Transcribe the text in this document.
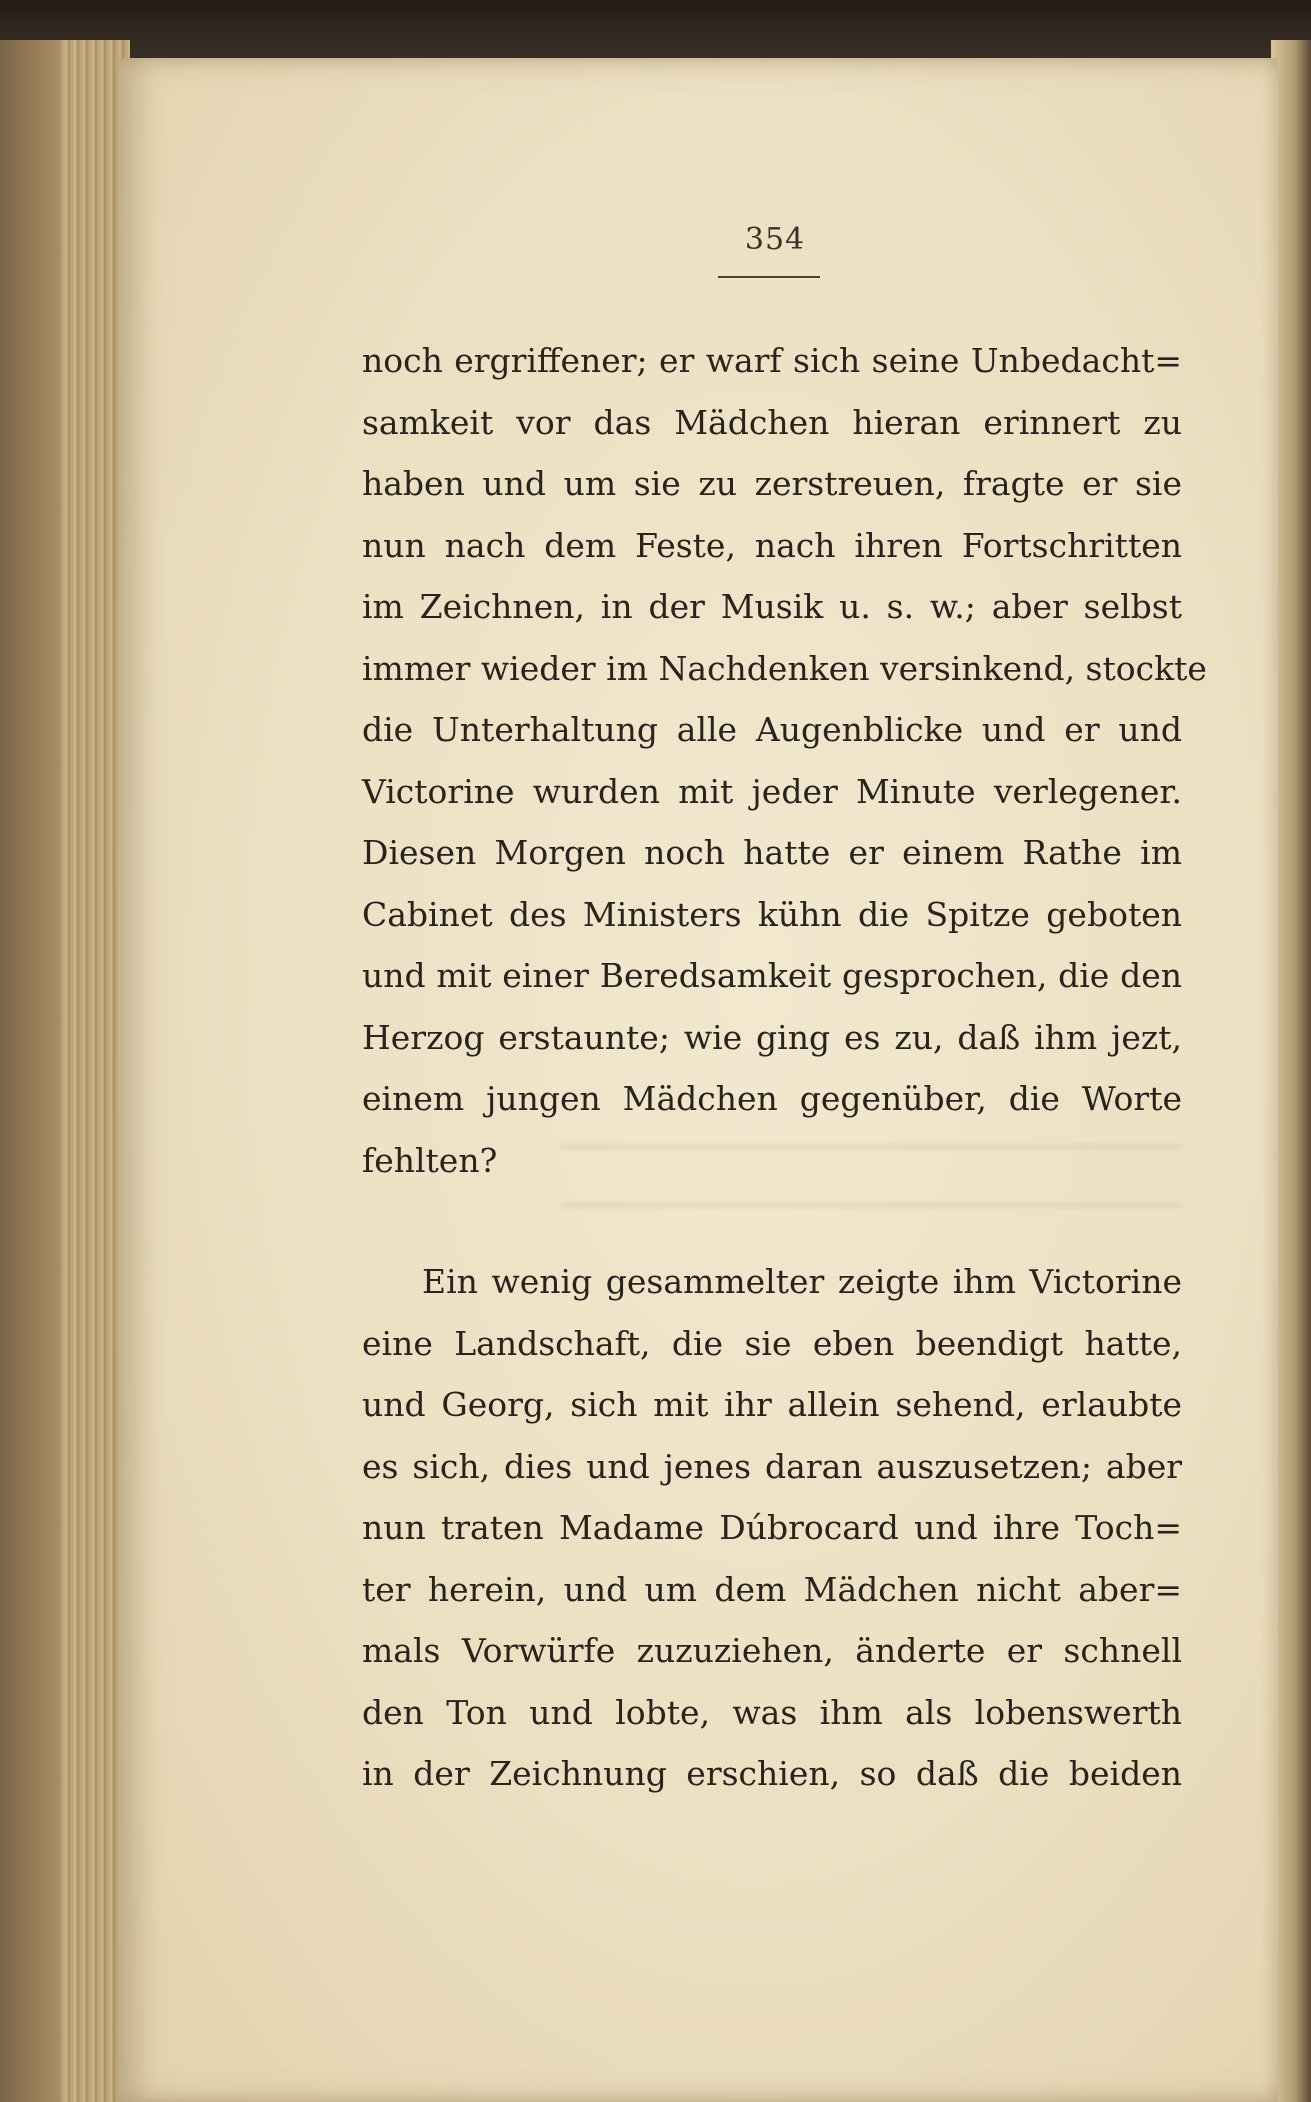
354
noch ergriffener; er warf sich seine Unbedacht=
samkeit vor das Mädchen hieran erinnert zu
haben und um sie zu zerstreuen, fragte er sie
nun nach dem Feste, nach ihren Fortschritten
im Zeichnen, in der Musik u. s. w.; aber selbst
immer wieder im Nachdenken versinkend, stockte
die Unterhaltung alle Augenblicke und er und
Victorine wurden mit jeder Minute verlegener.
Diesen Morgen noch hatte er einem Rathe im
Cabinet des Ministers kühn die Spitze geboten
und mit einer Beredsamkeit gesprochen, die den
Herzog erstaunte; wie ging es zu, daß ihm jezt,
einem jungen Mädchen gegenüber, die Worte
fehlten?
Ein wenig gesammelter zeigte ihm Victorine
eine Landschaft, die sie eben beendigt hatte,
und Georg, sich mit ihr allein sehend, erlaubte
es sich, dies und jenes daran auszusetzen; aber
nun traten Madame Dúbrocard und ihre Toch=
ter herein, und um dem Mädchen nicht aber=
mals Vorwürfe zuzuziehen, änderte er schnell
den Ton und lobte, was ihm als lobenswerth
in der Zeichnung erschien, so daß die beiden
